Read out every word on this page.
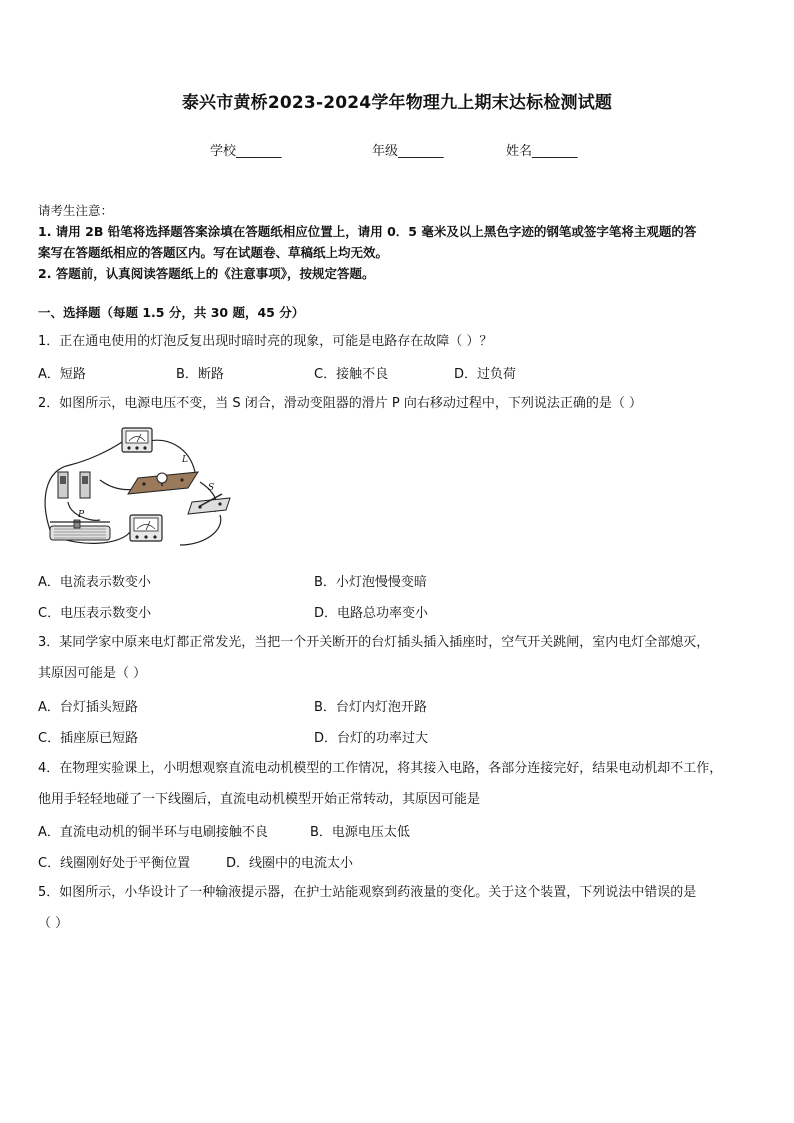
泰兴市黄桥2023-2024学年物理九上期末达标检测试题
学校_______	年级_______	姓名_______
请考生注意：
1. 请用 2B 铅笔将选择题答案涂填在答题纸相应位置上，请用 0．5 毫米及以上黑色字迹的钢笔或签字笔将主观题的答
案写在答题纸相应的答题区内。写在试题卷、草稿纸上均无效。
2. 答题前，认真阅读答题纸上的《注意事项》，按规定答题。
一、选择题（每题 1.5 分，共 30 题，45 分）
1．正在通电使用的灯泡反复出现时暗时亮的现象，可能是电路存在故障（ ）？
A．短路	B．断路	C．接触不良	D．过负荷
2．如图所示，电源电压不变，当 S 闭合，滑动变阻器的滑片 P 向右移动过程中，下列说法正确的是（ ）
L
S
P
A．电流表示数变小	B．小灯泡慢慢变暗
C．电压表示数变小	D．电路总功率变小
3．某同学家中原来电灯都正常发光，当把一个开关断开的台灯插头插入插座时，空气开关跳闸，室内电灯全部熄灭，
其原因可能是（ ）
A．台灯插头短路	B．台灯内灯泡开路
C．插座原已短路	D．台灯的功率过大
4．在物理实验课上，小明想观察直流电动机模型的工作情况，将其接入电路，各部分连接完好，结果电动机却不工作，
他用手轻轻地碰了一下线圈后，直流电动机模型开始正常转动，其原因可能是
A．直流电动机的铜半环与电刷接触不良	B．电源电压太低
C．线圈刚好处于平衡位置	D．线圈中的电流太小
5．如图所示，小华设计了一种输液提示器，在护士站能观察到药液量的变化。关于这个装置，下列说法中错误的是
（ ）
